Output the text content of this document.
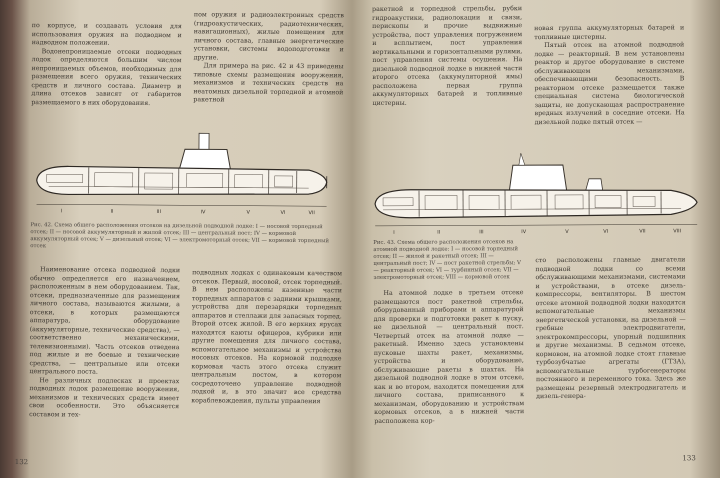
по корпусе, и создавать условия для использования оружия на подводном и надводном положении.

Водонепроницаемые отсеки подводных лодок определяются большим числом непроницаемых объемов, необходимых для размещения всего оружия, технических средств и личного состава. Диаметр и длина отсеков зависят от габаритов размещаемого в них оборудования.

пом оружия и радиоэлектронных средств (гидроакустических, радиотехнических, навигационных), жилые помещения для личного состава, главные энергетические установки, системы водоподготовки и другие.

Для примера на рис. 42 и 43 приведены типовые схемы размещения вооружения, механизмов и технических средств на неатомных дизельной торпедной и атомной ракетной

I	II	III	IV	V	VI	VII
Рис. 42. Схема общего расположения отсеков на дизельной подводной лодке: I — носовой торпедный отсек; II — носовой аккумуляторный и жилой отсек; III — центральный пост; IV — кормовой аккумуляторный отсек; V — дизельный отсек; VI — электромоторный отсек; VII — кормовой торпедный отсек

Наименование отсека подводной лодки обычно определяется его назначением, расположенным в нем оборудованием. Так, отсеки, предназначенные для размещения личного состава, называются жилыми, а отсеки, в которых размещаются аппаратура, оборудование (аккумуляторные, технические средства), — соответственно механическими, телевизионными). Часть отсеков отведена под жилые и не боевые и технические средства, — центральные или отсеки центрального поста.

Не различных подлесках и проектах подводных лодок размещение вооружения, механизмов и технических средств имеет свои особенности. Это объясняется составом и тех-

подводных лодках с одинаковым качеством отсеков. Первый, носовой, отсек торпедный. В нем расположены казенные части торпедных аппаратов с задними крышками, устройства для перезарядки торпедных аппаратов и стеллажи для запасных торпед. Второй отсек жилой. В его верхних ярусах находятся каюты офицеров, кубрики или другие помещения для личного состава, вспомогательное механизмы и устройства носовых отсеков. На кормовой подлодке кормовая часть этого отсека служит центральным постом, в котором сосредоточено управление подводной лодкой и, в это значит все средства кораблевождения, пульты управления

132

ракетной и торпедной стрельбы, рубки гидроакустики, радиолокации и связи, перископы и прочие выдвижные устройства, пост управления погружением и всплытием, пост управления вертикальными и горизонтальными рулями, пост управления системы осушения. На дизельной подводной лодке в нижней части второго отсека (аккумуляторной ямы) расположена первая группа аккумуляторных батарей и топливные цистерны.

новая группа аккумуляторных батарей и топливные цистерны.

Пятый отсек на атомной подводной лодке — реакторный. В нем установлены реактор и другое оборудование в системе обслуживающем механизмами, обеспечивающими безопасность. В реакторном отсеке размещается также специальная система биологической защиты, не допускающая распространение вредных излучений в соседние отсеки. На дизельной лодке пятый отсек —

I	II	III	IV	V	VI	VII	VIII
Рис. 43. Схема общего расположения отсеков на атомной подводной лодке: I — носовой торпедный отсек; II — жилой и ракетный отсек; III — центральный пост; IV — пост ракетной стрельбы; V — реакторный отсек; VI — турбинный отсек; VII — электромоторный отсек; VIII — кормовой отсек

На атомной лодке в третьем отсеке размещаются пост ракетной стрельбы, оборудованный приборами и аппаратурой для проверки и подготовки ракет к пуску, не дизельной — центральный пост. Четвертый отсек на атомной лодке — ракетный. Именно здесь установлены пусковые шахты ракет, механизмы, устройства и оборудование, обслуживающие ракеты в шахтах. На дизельной подводной лодке в этом отсеке, как и во втором, находятся помещения для личного состава, приписанного к механизмам, оборудованию и устройствам кормовых отсеков, а в нижней части расположена кор-

сто расположены главные двигатели подводной лодки со всеми обслуживающими механизмами, системами и устройствами, в отсеке дизель-компрессоры, вентиляторы. В шестом отсеке атомной подводной лодки находятся вспомогательные механизмы энергетической установки, на дизельной — гребные электродвигатели, электрокомпрессоры, упорный подшипник и другие механизмы. В седьмом отсеке, кормовом, на атомной лодке стоят главные турбозубчатые агрегаты (ГТЗА), вспомогательные турбогенераторы постоянного и переменного тока. Здесь же размещены резервный электродвигатель и дизель-генера-

133
